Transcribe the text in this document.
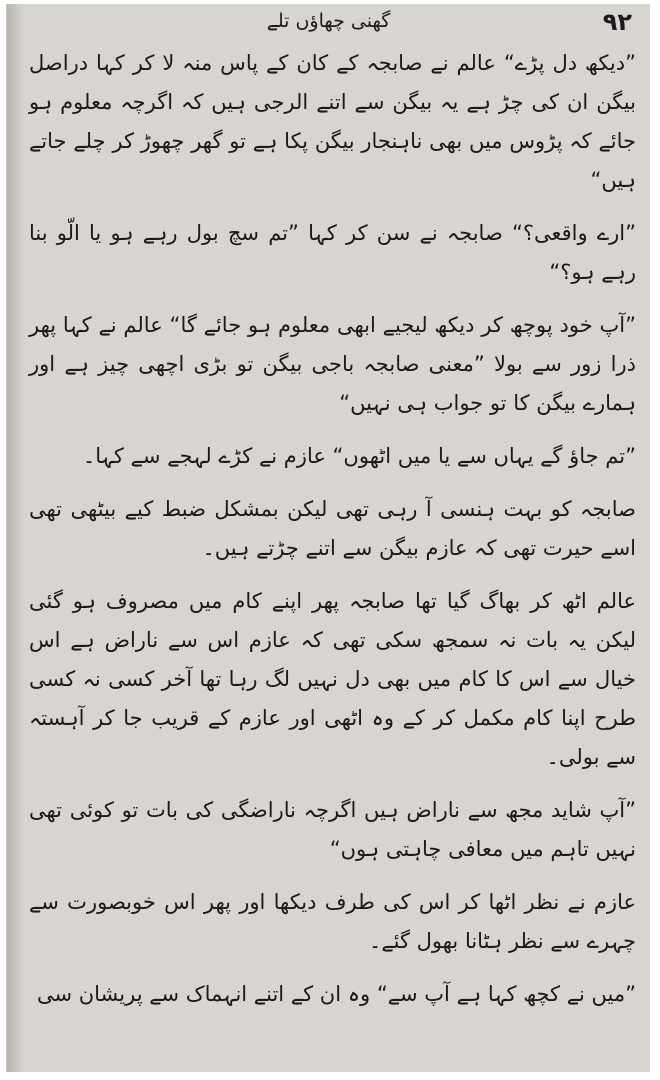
گھنی چھاؤں تلے	۹۲

”دیکھ دل پڑے“ عالم نے صابجہ کے کان کے پاس منہ لا کر کہا دراصل بیگن ان کی چڑ ہے یہ بیگن سے اتنے الرجی ہیں کہ اگرچہ معلوم ہو جائے کہ پڑوس میں بھی ناہنجار بیگن پکا ہے تو گھر چھوڑ کر چلے جاتے ہیں“

”ارے واقعی؟“ صابجہ نے سن کر کہا ”تم سچ بول رہے ہو یا الّو بنا رہے ہو؟“

”آپ خود پوچھ کر دیکھ لیجیے ابھی معلوم ہو جائے گا“ عالم نے کہا پھر ذرا زور سے بولا ”معنی صابجہ باجی بیگن تو بڑی اچھی چیز ہے اور ہمارے بیگن کا تو جواب ہی نہیں“

”تم جاؤ گے یہاں سے یا میں اٹھوں“ عازم نے کڑے لہجے سے کہا۔

صابجہ کو بہت ہنسی آ رہی تھی لیکن بمشکل ضبط کیے بیٹھی تھی اسے حیرت تھی کہ عازم بیگن سے اتنے چڑتے ہیں۔

عالم اٹھ کر بھاگ گیا تھا صابجہ پھر اپنے کام میں مصروف ہو گئی لیکن یہ بات نہ سمجھ سکی تھی کہ عازم اس سے ناراض ہے اس خیال سے اس کا کام میں بھی دل نہیں لگ رہا تھا آخر کسی نہ کسی طرح اپنا کام مکمل کر کے وہ اٹھی اور عازم کے قریب جا کر آہستہ سے بولی۔

”آپ شاید مجھ سے ناراض ہیں اگرچہ ناراضگی کی بات تو کوئی تھی نہیں تاہم میں معافی چاہتی ہوں“

عازم نے نظر اٹھا کر اس کی طرف دیکھا اور پھر اس خوبصورت سے چہرے سے نظر ہٹانا بھول گئے۔

”میں نے کچھ کہا ہے آپ سے“ وہ ان کے اتنے انہماک سے پریشان سی
